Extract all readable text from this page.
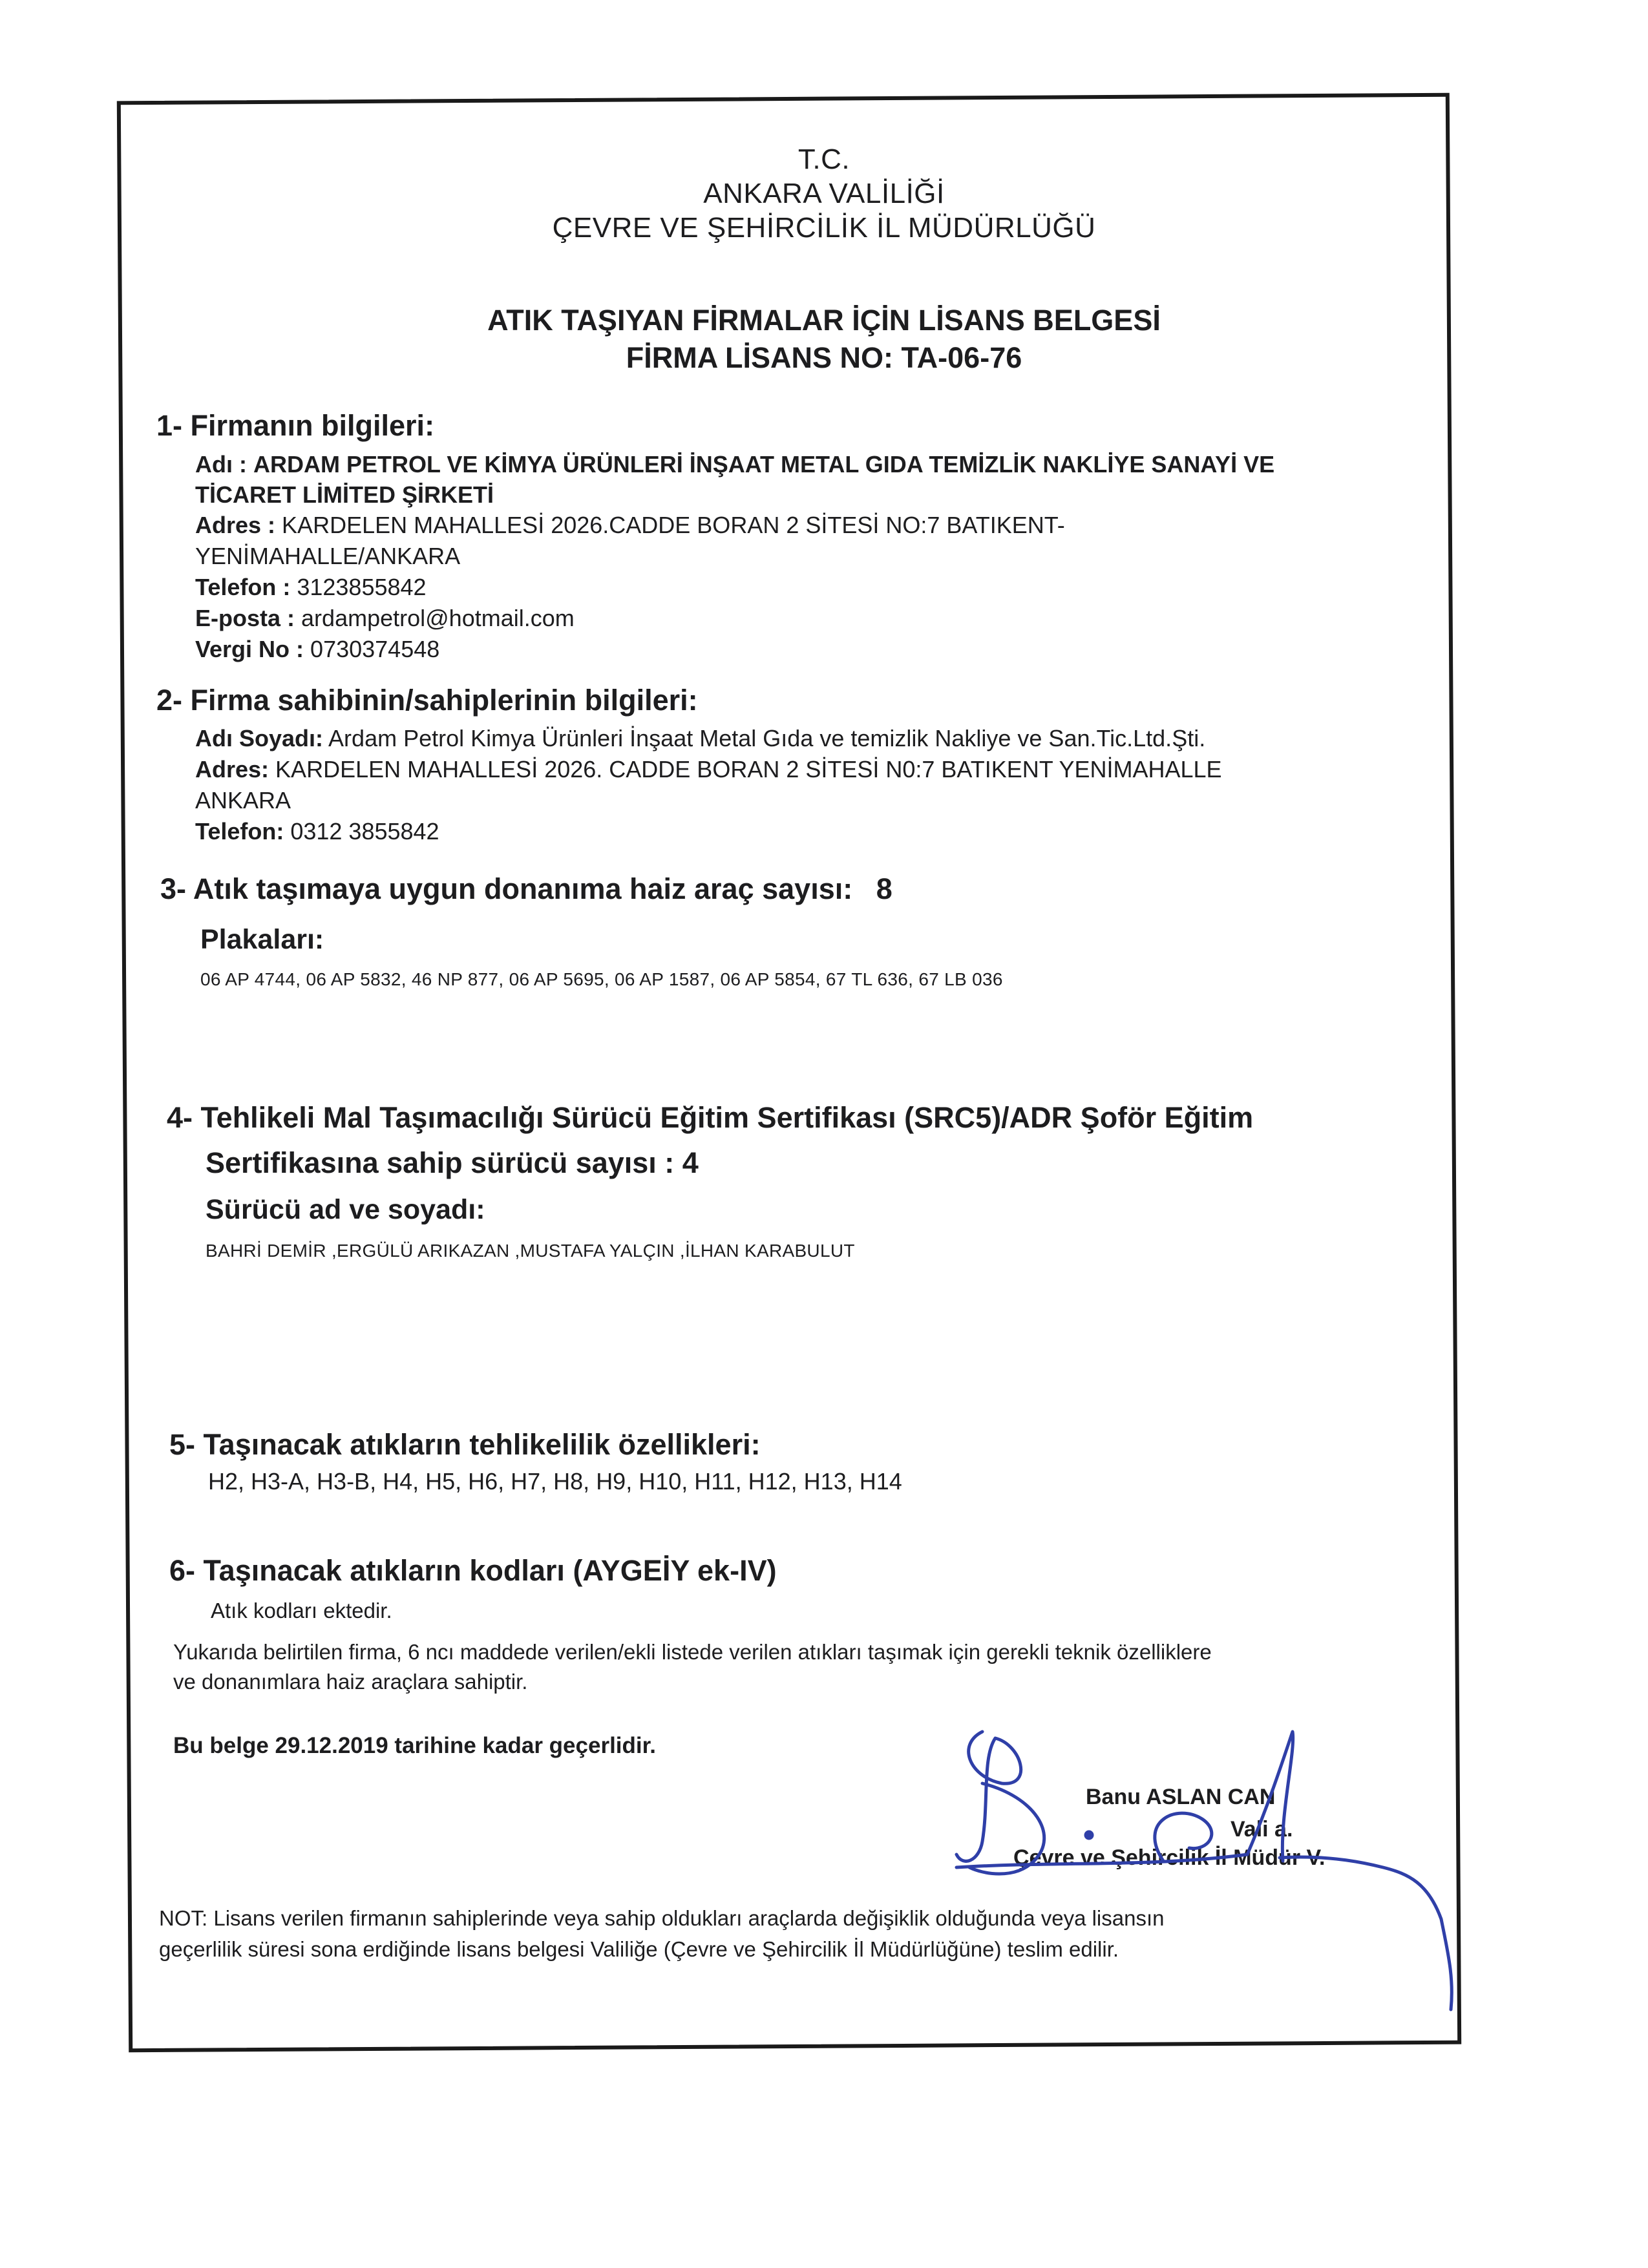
T.C.
ANKARA VALİLİĞİ
ÇEVRE VE ŞEHİRCİLİK İL MÜDÜRLÜĞÜ
ATIK TAŞIYAN FİRMALAR İÇİN LİSANS BELGESİ
FİRMA LİSANS NO: TA-06-76
1- Firmanın bilgileri:
Adı : ARDAM PETROL VE KİMYA ÜRÜNLERİ İNŞAAT METAL GIDA TEMİZLİK NAKLİYE SANAYİ VE
TİCARET LİMİTED ŞİRKETİ
Adres : KARDELEN MAHALLESİ 2026.CADDE BORAN 2 SİTESİ NO:7 BATIKENT-
YENİMAHALLE/ANKARA
Telefon : 3123855842
E-posta : ardampetrol@hotmail.com
Vergi No : 0730374548
2- Firma sahibinin/sahiplerinin bilgileri:
Adı Soyadı: Ardam Petrol Kimya Ürünleri İnşaat Metal Gıda ve temizlik Nakliye ve San.Tic.Ltd.Şti.
Adres: KARDELEN MAHALLESİ 2026. CADDE BORAN 2 SİTESİ N0:7 BATIKENT YENİMAHALLE
ANKARA
Telefon: 0312 3855842
3- Atık taşımaya uygun donanıma haiz araç sayısı: 8
Plakaları:
06 AP 4744, 06 AP 5832, 46 NP 877, 06 AP 5695, 06 AP 1587, 06 AP 5854, 67 TL 636, 67 LB 036
4- Tehlikeli Mal Taşımacılığı Sürücü Eğitim Sertifikası (SRC5)/ADR Şoför Eğitim
Sertifikasına sahip sürücü sayısı : 4
Sürücü ad ve soyadı:
BAHRİ DEMİR ,ERGÜLÜ ARIKAZAN ,MUSTAFA YALÇIN ,İLHAN KARABULUT
5- Taşınacak atıkların tehlikelilik özellikleri:
H2, H3-A, H3-B, H4, H5, H6, H7, H8, H9, H10, H11, H12, H13, H14
6- Taşınacak atıkların kodları (AYGEİY ek-IV)
Atık kodları ektedir.
Yukarıda belirtilen firma, 6 ncı maddede verilen/ekli listede verilen atıkları taşımak için gerekli teknik özelliklere
ve donanımlara haiz araçlara sahiptir.
Bu belge 29.12.2019 tarihine kadar geçerlidir.
Banu ASLAN CAN
Vali a.
Çevre ve Şehircilik İl Müdür V.
NOT: Lisans verilen firmanın sahiplerinde veya sahip oldukları araçlarda değişiklik olduğunda veya lisansın
geçerlilik süresi sona erdiğinde lisans belgesi Valiliğe (Çevre ve Şehircilik İl Müdürlüğüne) teslim edilir.
